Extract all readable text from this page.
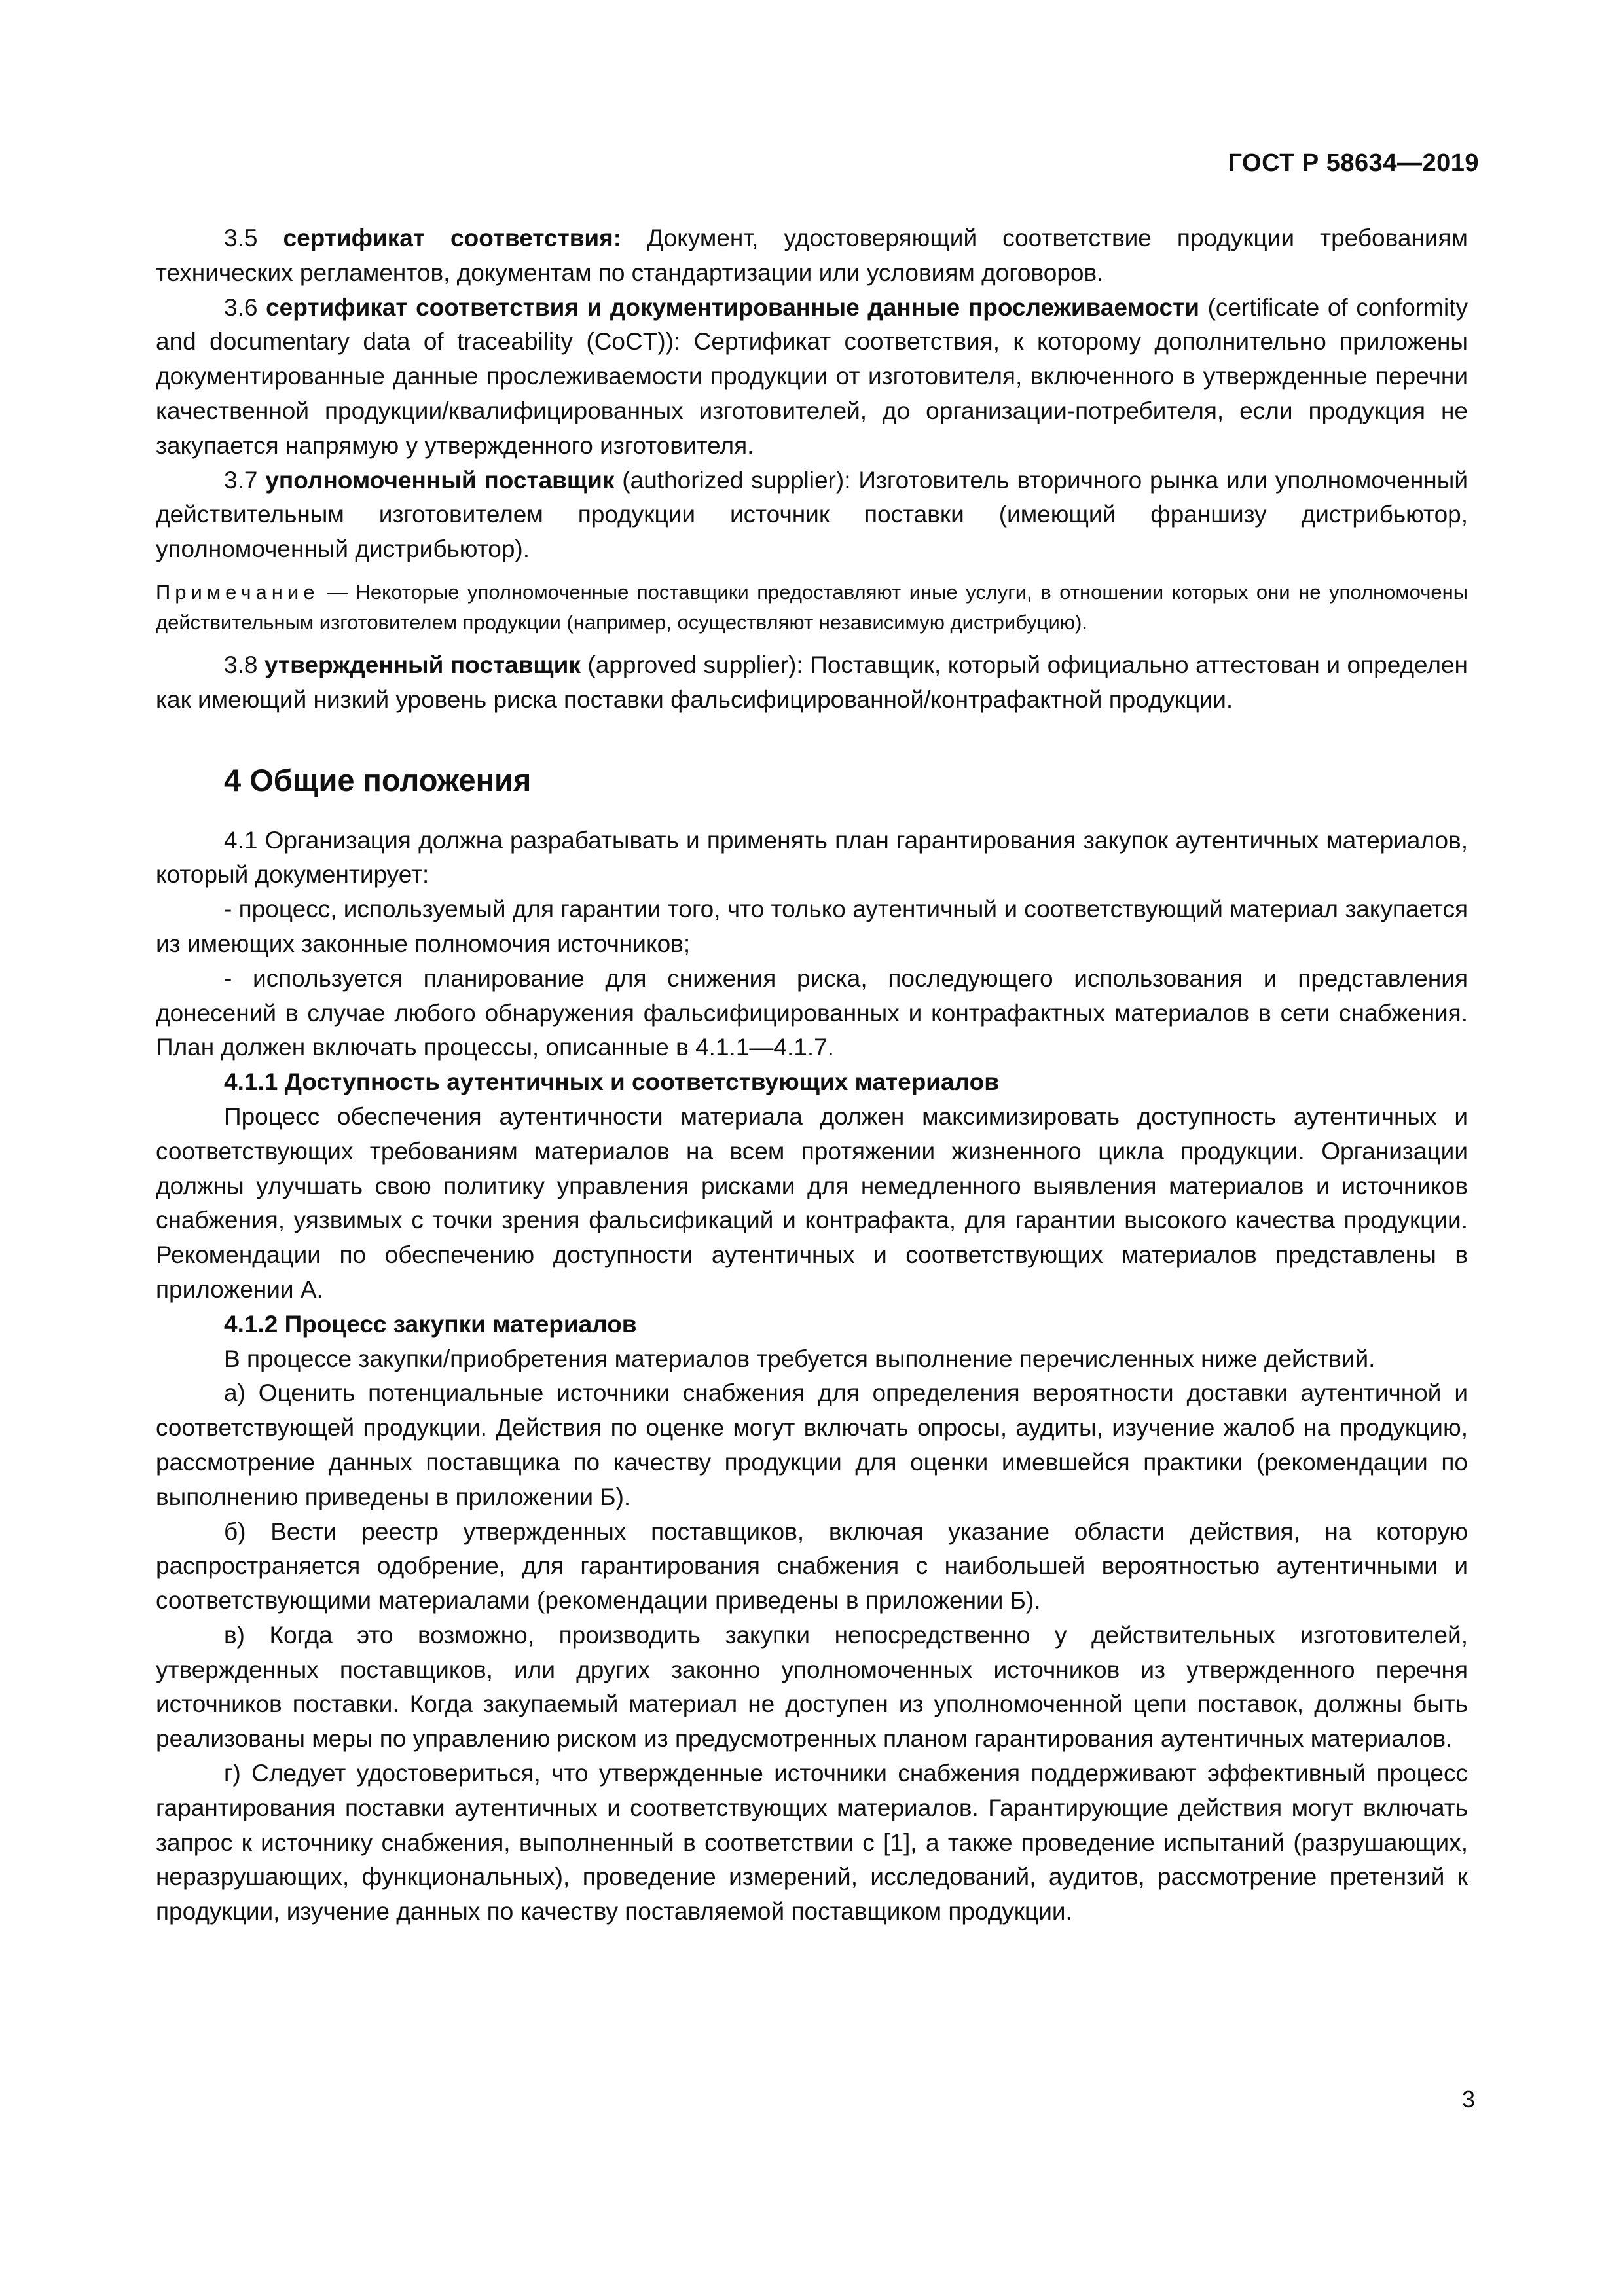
ГОСТ Р 58634—2019

3.5 сертификат соответствия: Документ, удостоверяющий соответствие продукции требованиям технических регламентов, документам по стандартизации или условиям договоров.

3.6 сертификат соответствия и документированные данные прослеживаемости (certificate of conformity and documentary data of traceability (CoCT)): Сертификат соответствия, к которому дополнительно приложены документированные данные прослеживаемости продукции от изготовителя, включенного в утвержденные перечни качественной продукции/квалифицированных изготовителей, до организации-потребителя, если продукция не закупается напрямую у утвержденного изготовителя.

3.7 уполномоченный поставщик (authorized supplier): Изготовитель вторичного рынка или уполномоченный действительным изготовителем продукции источник поставки (имеющий франшизу дистрибьютор, уполномоченный дистрибьютор).

Примечание — Некоторые уполномоченные поставщики предоставляют иные услуги, в отношении которых они не уполномочены действительным изготовителем продукции (например, осуществляют независимую дистрибуцию).

3.8 утвержденный поставщик (approved supplier): Поставщик, который официально аттестован и определен как имеющий низкий уровень риска поставки фальсифицированной/контрафактной продукции.

4 Общие положения

4.1 Организация должна разрабатывать и применять план гарантирования закупок аутентичных материалов, который документирует:

- процесс, используемый для гарантии того, что только аутентичный и соответствующий материал закупается из имеющих законные полномочия источников;

- используется планирование для снижения риска, последующего использования и представления донесений в случае любого обнаружения фальсифицированных и контрафактных материалов в сети снабжения. План должен включать процессы, описанные в 4.1.1—4.1.7.

4.1.1 Доступность аутентичных и соответствующих материалов

Процесс обеспечения аутентичности материала должен максимизировать доступность аутентичных и соответствующих требованиям материалов на всем протяжении жизненного цикла продукции. Организации должны улучшать свою политику управления рисками для немедленного выявления материалов и источников снабжения, уязвимых с точки зрения фальсификаций и контрафакта, для гарантии высокого качества продукции. Рекомендации по обеспечению доступности аутентичных и соответствующих материалов представлены в приложении А.

4.1.2 Процесс закупки материалов

В процессе закупки/приобретения материалов требуется выполнение перечисленных ниже действий.

а) Оценить потенциальные источники снабжения для определения вероятности доставки аутентичной и соответствующей продукции. Действия по оценке могут включать опросы, аудиты, изучение жалоб на продукцию, рассмотрение данных поставщика по качеству продукции для оценки имевшейся практики (рекомендации по выполнению приведены в приложении Б).

б) Вести реестр утвержденных поставщиков, включая указание области действия, на которую распространяется одобрение, для гарантирования снабжения с наибольшей вероятностью аутентичными и соответствующими материалами (рекомендации приведены в приложении Б).

в) Когда это возможно, производить закупки непосредственно у действительных изготовителей, утвержденных поставщиков, или других законно уполномоченных источников из утвержденного перечня источников поставки. Когда закупаемый материал не доступен из уполномоченной цепи поставок, должны быть реализованы меры по управлению риском из предусмотренных планом гарантирования аутентичных материалов.

г) Следует удостовериться, что утвержденные источники снабжения поддерживают эффективный процесс гарантирования поставки аутентичных и соответствующих материалов. Гарантирующие действия могут включать запрос к источнику снабжения, выполненный в соответствии с [1], а также проведение испытаний (разрушающих, неразрушающих, функциональных), проведение измерений, исследований, аудитов, рассмотрение претензий к продукции, изучение данных по качеству поставляемой поставщиком продукции.

3
